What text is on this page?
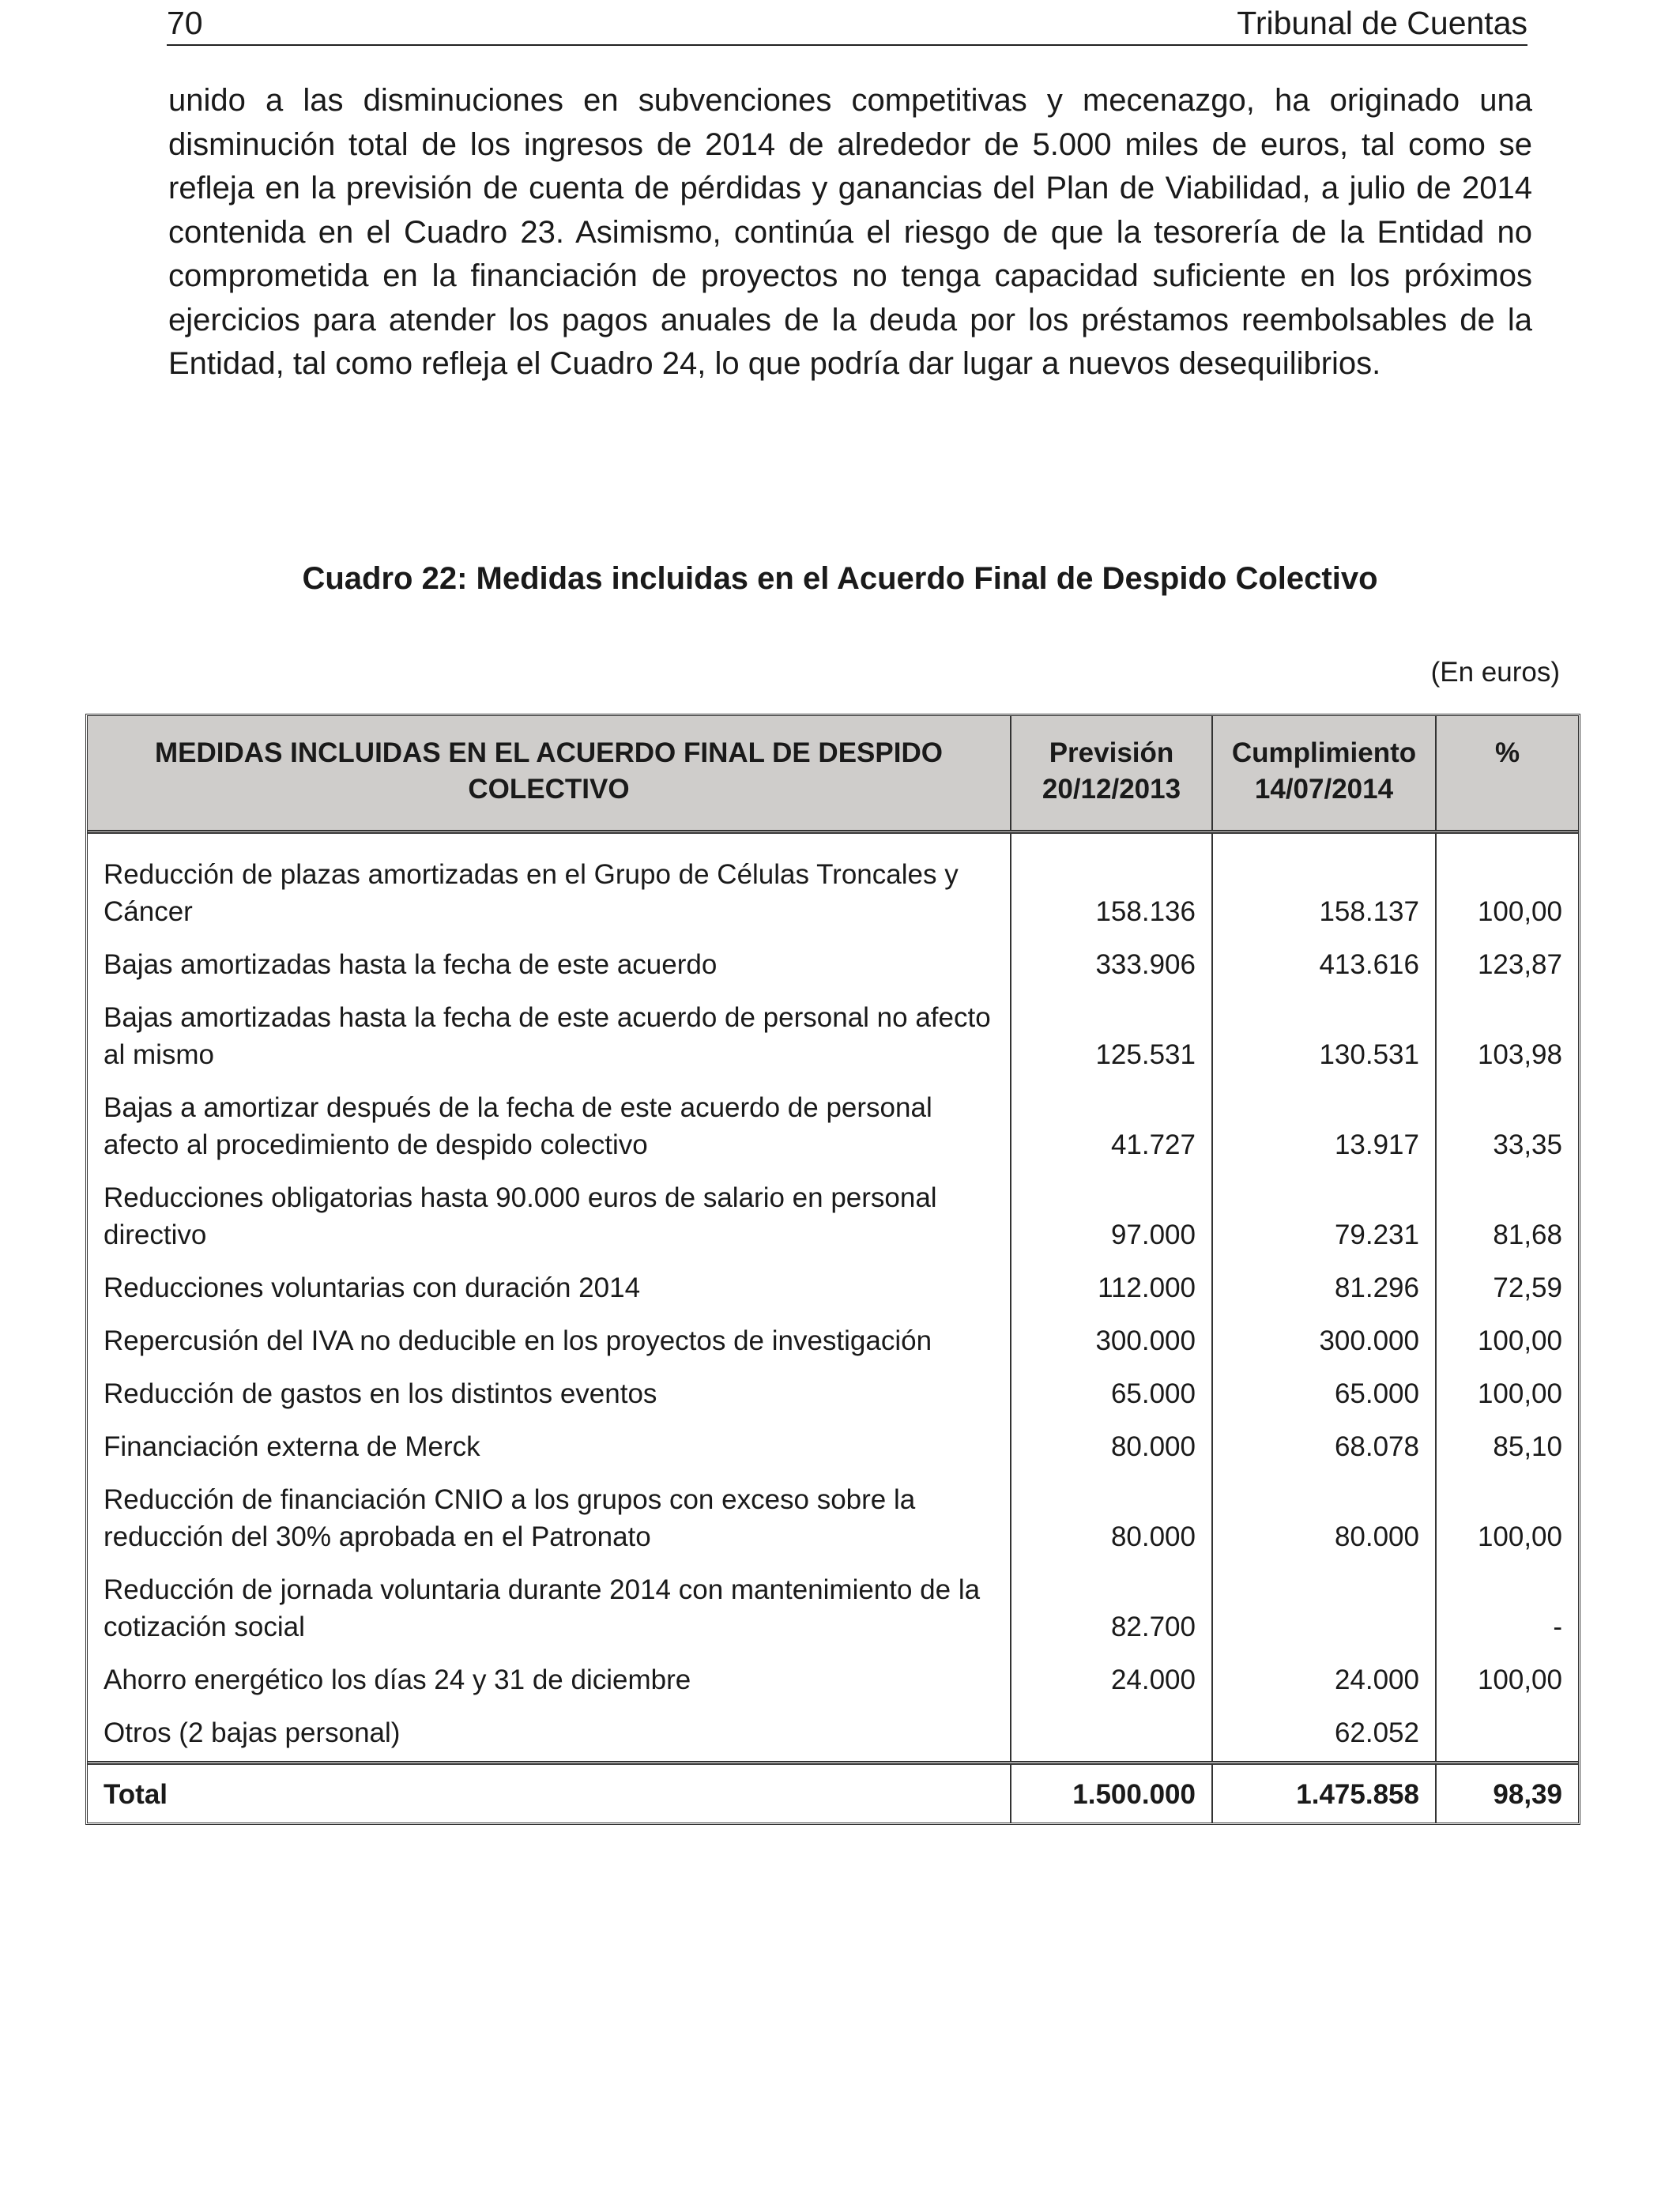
70	Tribunal de Cuentas

unido a las disminuciones en subvenciones competitivas y mecenazgo, ha originado una disminución total de los ingresos de 2014 de alrededor de 5.000 miles de euros, tal como se refleja en la previsión de cuenta de pérdidas y ganancias del Plan de Viabilidad, a julio de 2014 contenida en el Cuadro 23. Asimismo, continúa el riesgo de que la tesorería de la Entidad no comprometida en la financiación de proyectos no tenga capacidad suficiente en los próximos ejercicios para atender los pagos anuales de la deuda por los préstamos reembolsables de la Entidad, tal como refleja el Cuadro 24, lo que podría dar lugar a nuevos desequilibrios.

Cuadro 22: Medidas incluidas en el Acuerdo Final de Despido Colectivo
(En euros)
MEDIDAS INCLUIDAS EN EL ACUERDO FINAL DE DESPIDO COLECTIVO	Previsión 20/12/2013	Cumplimiento 14/07/2014	%
Reducción de plazas amortizadas en el Grupo de Células Troncales y Cáncer	158.136	158.137	100,00
Bajas amortizadas hasta la fecha de este acuerdo	333.906	413.616	123,87
Bajas amortizadas hasta la fecha de este acuerdo de personal no afecto al mismo	125.531	130.531	103,98
Bajas a amortizar después de la fecha de este acuerdo de personal afecto al procedimiento de despido colectivo	41.727	13.917	33,35
Reducciones obligatorias hasta 90.000 euros de salario en personal directivo	97.000	79.231	81,68
Reducciones voluntarias con duración 2014	112.000	81.296	72,59
Repercusión del IVA no deducible en los proyectos de investigación	300.000	300.000	100,00
Reducción de gastos en los distintos eventos	65.000	65.000	100,00
Financiación externa de Merck	80.000	68.078	85,10
Reducción de financiación CNIO a los grupos con exceso sobre la reducción del 30% aprobada en el Patronato	80.000	80.000	100,00
Reducción de jornada voluntaria durante 2014 con mantenimiento de la cotización social	82.700		-
Ahorro energético los días 24 y 31 de diciembre	24.000	24.000	100,00
Otros (2 bajas personal)		62.052	
Total	1.500.000	1.475.858	98,39
